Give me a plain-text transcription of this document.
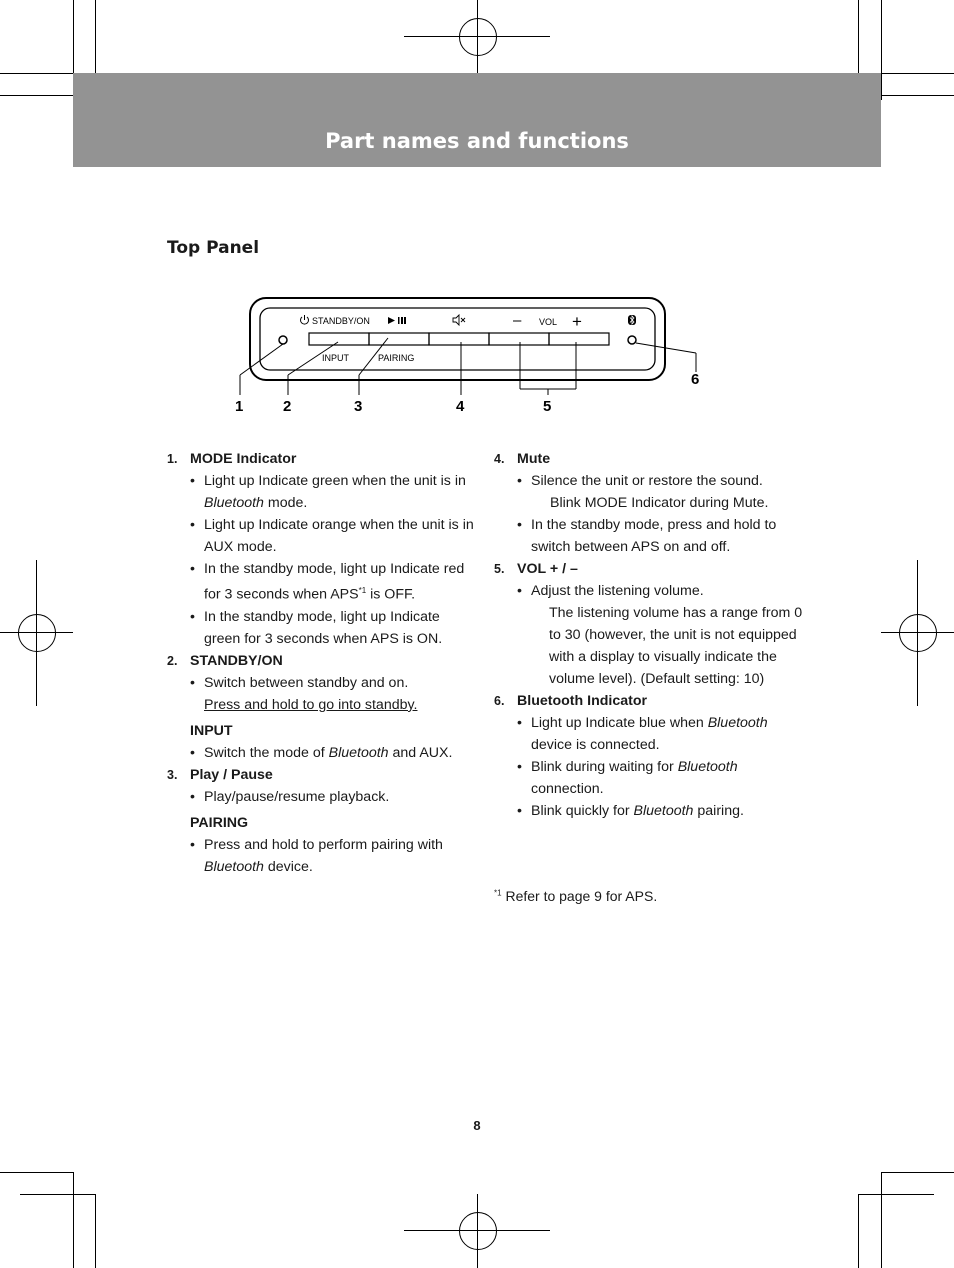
Part names and functions
Top Panel
STANDBY/ON	– VOL +
INPUT	PAIRING
1	2	3	4	5
6
1. MODE Indicator
• Light up Indicate green when the unit is in Bluetooth mode.
• Light up Indicate orange when the unit is in AUX mode.
• In the standby mode, light up Indicate red for 3 seconds when APS$^{*1}$ is OFF.
• In the standby mode, light up Indicate green for 3 seconds when APS is ON.
2. STANDBY/ON
• Switch between standby and on.
Press and hold to go into standby.
INPUT
• Switch the mode of Bluetooth and AUX.
3. Play / Pause
• Play/pause/resume playback.
PAIRING
• Press and hold to perform pairing with Bluetooth device.
4. Mute
• Silence the unit or restore the sound.
Blink MODE Indicator during Mute.
• In the standby mode, press and hold to switch between APS on and off.
5. VOL + / –
• Adjust the listening volume.
The listening volume has a range from 0 to 30 (however, the unit is not equipped with a display to visually indicate the volume level). (Default setting: 10)
6. Bluetooth Indicator
• Light up Indicate blue when Bluetooth device is connected.
• Blink during waiting for Bluetooth connection.
• Blink quickly for Bluetooth pairing.
$^{*1}$ Refer to page 9 for APS.
8
